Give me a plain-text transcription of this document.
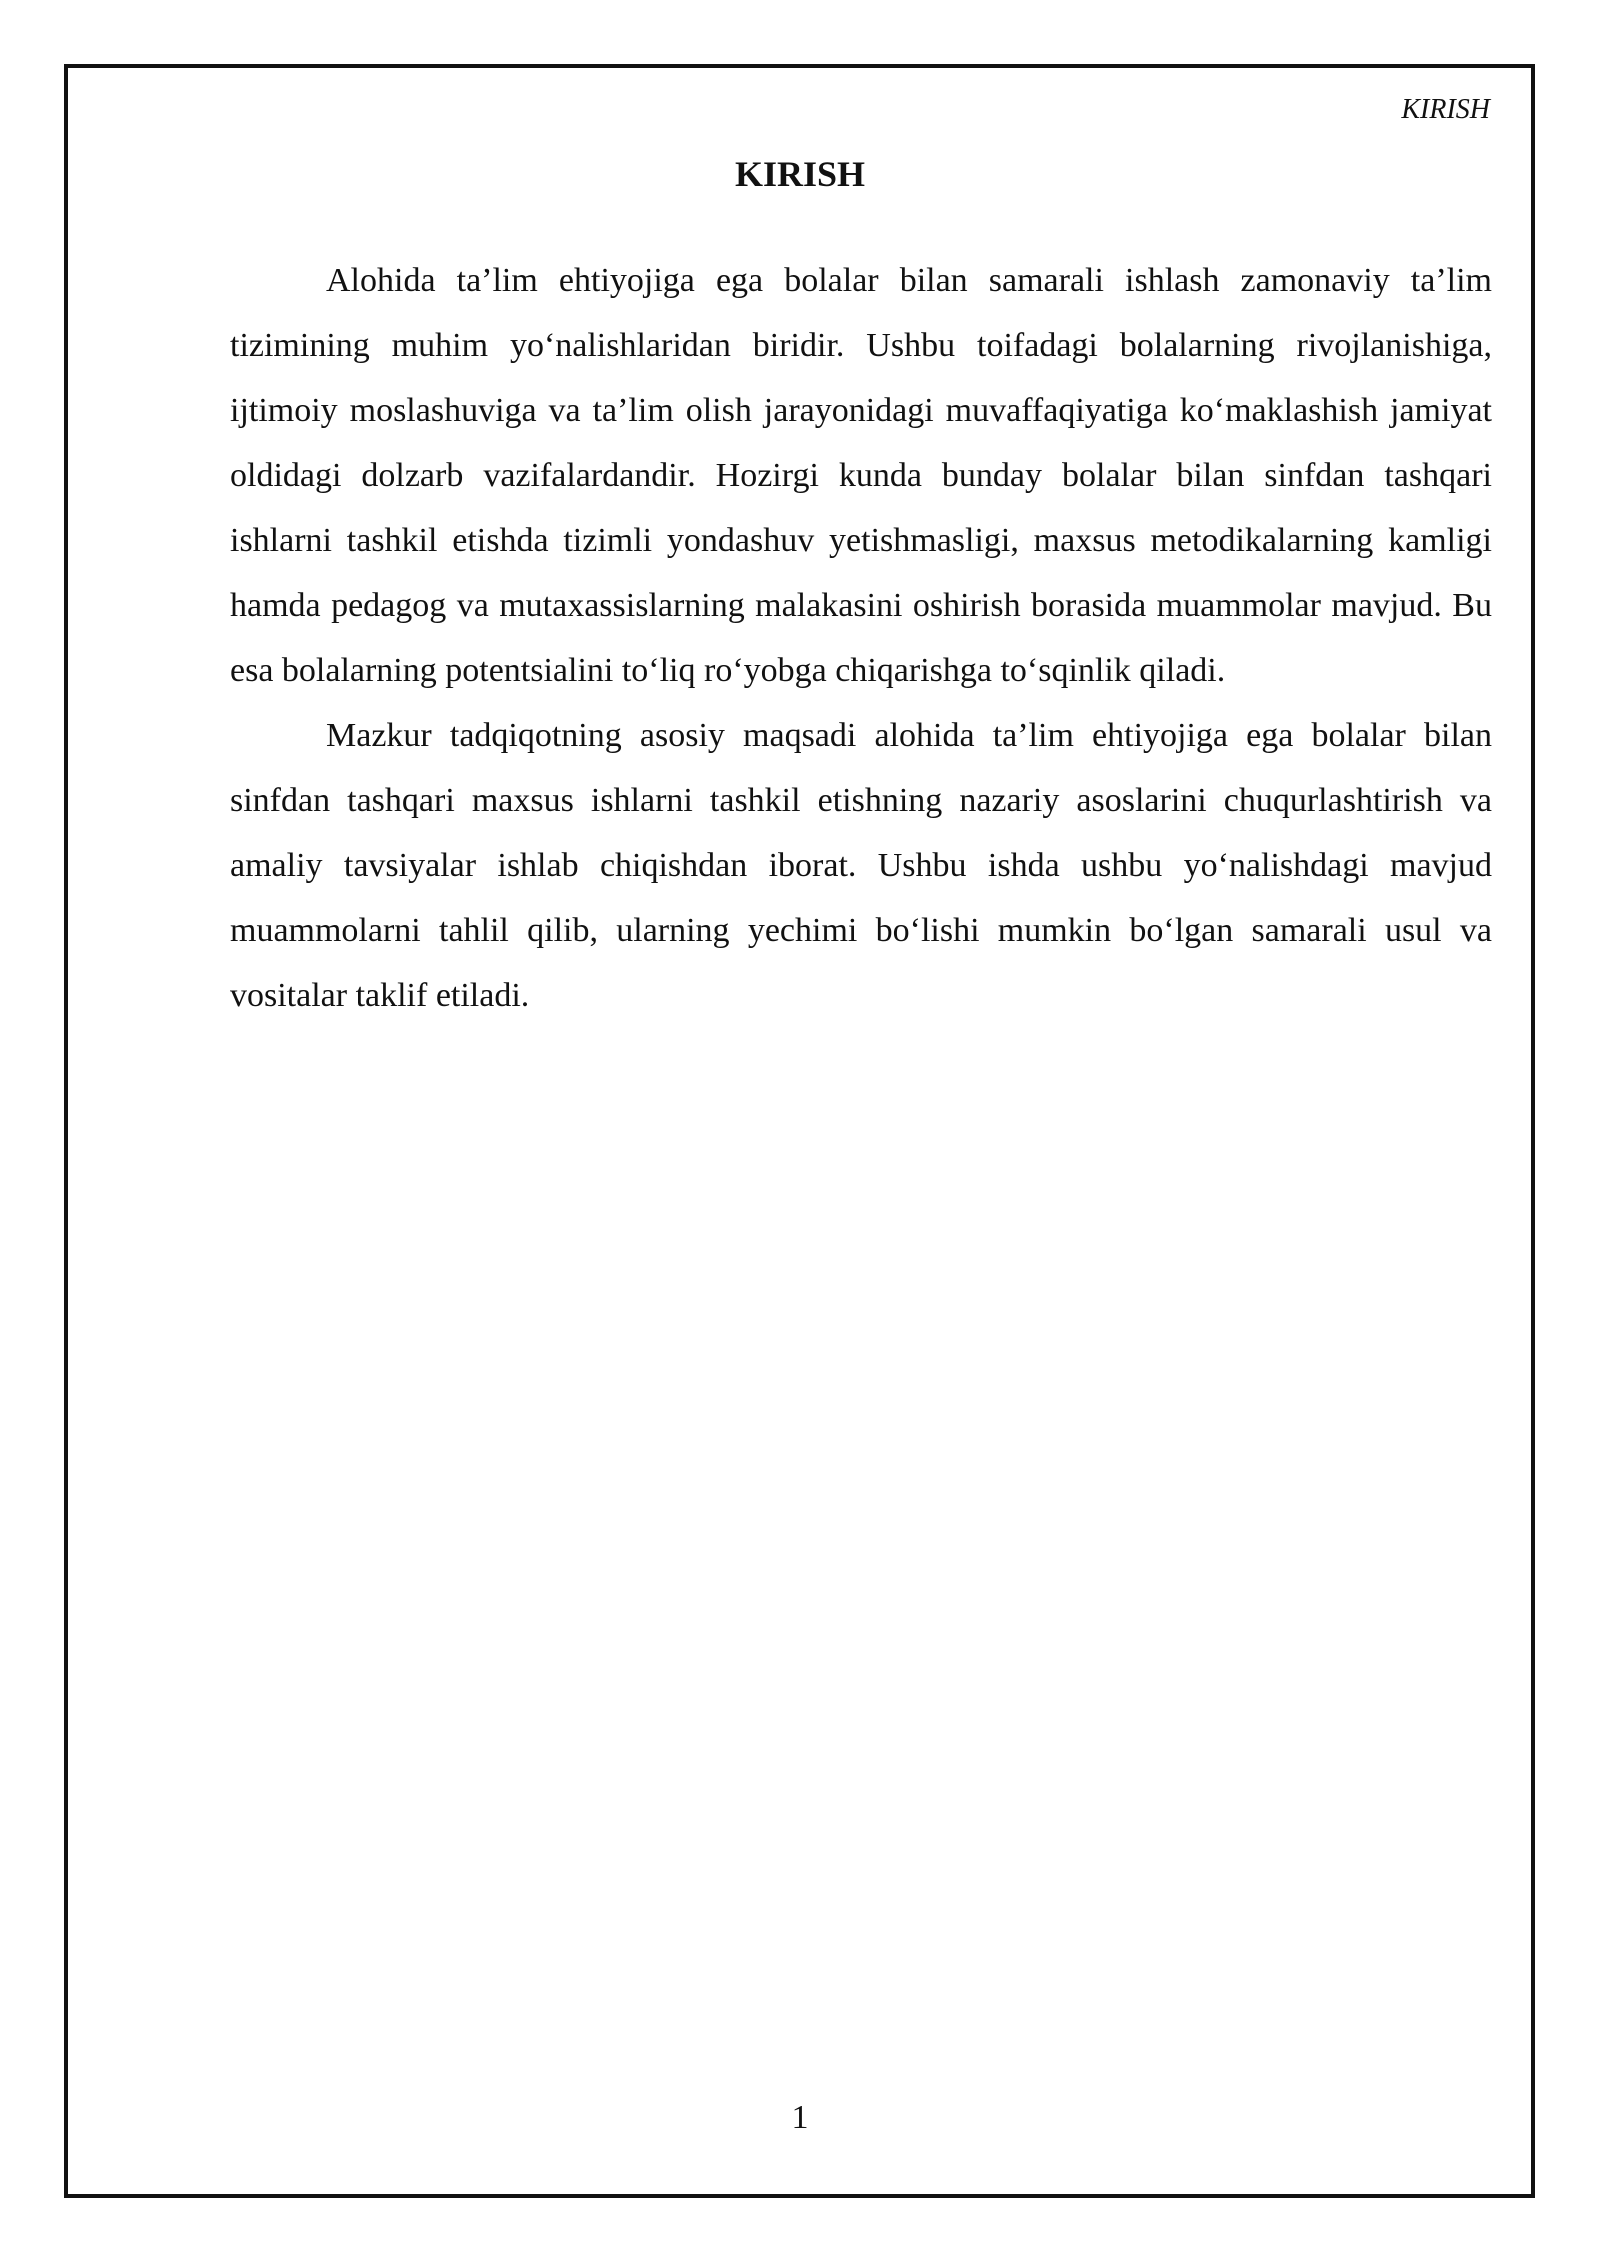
KIRISH
KIRISH

Alohida ta’lim ehtiyojiga ega bolalar bilan samarali ishlash zamonaviy ta’lim tizimining muhim yo‘nalishlaridan biridir. Ushbu toifadagi bolalarning rivojlanishiga, ijtimoiy moslashuviga va ta’lim olish jarayonidagi muvaffaqiyatiga ko‘maklashish jamiyat oldidagi dolzarb vazifalardandir. Hozirgi kunda bunday bolalar bilan sinfdan tashqari ishlarni tashkil etishda tizimli yondashuv yetishmasligi, maxsus metodikalarning kamligi hamda pedagog va mutaxassislarning malakasini oshirish borasida muammolar mavjud. Bu esa bolalarning potentsialini to‘liq ro‘yobga chiqarishga to‘sqinlik qiladi.

Mazkur tadqiqotning asosiy maqsadi alohida ta’lim ehtiyojiga ega bolalar bilan sinfdan tashqari maxsus ishlarni tashkil etishning nazariy asoslarini chuqurlashtirish va amaliy tavsiyalar ishlab chiqishdan iborat. Ushbu ishda ushbu yo‘nalishdagi mavjud muammolarni tahlil qilib, ularning yechimi bo‘lishi mumkin bo‘lgan samarali usul va vositalar taklif etiladi.

1
